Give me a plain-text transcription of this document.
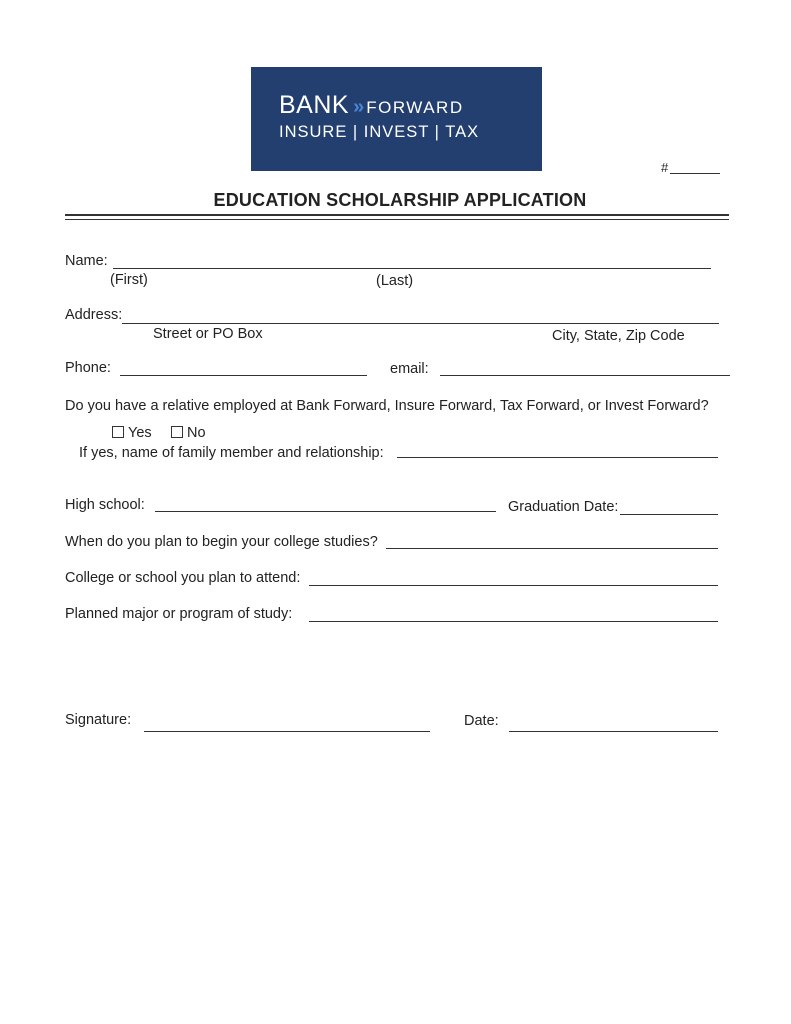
BANK » FORWARD
INSURE | INVEST | TAX
#
EDUCATION SCHOLARSHIP APPLICATION
Name:
(First)	(Last)
Address:
Street or PO Box	City, State, Zip Code
Phone:	email:
Do you have a relative employed at Bank Forward, Insure Forward, Tax Forward, or Invest Forward?
Yes No
If yes, name of family member and relationship:
High school:	Graduation Date:
When do you plan to begin your college studies?
College or school you plan to attend:
Planned major or program of study:
Signature:	Date:
